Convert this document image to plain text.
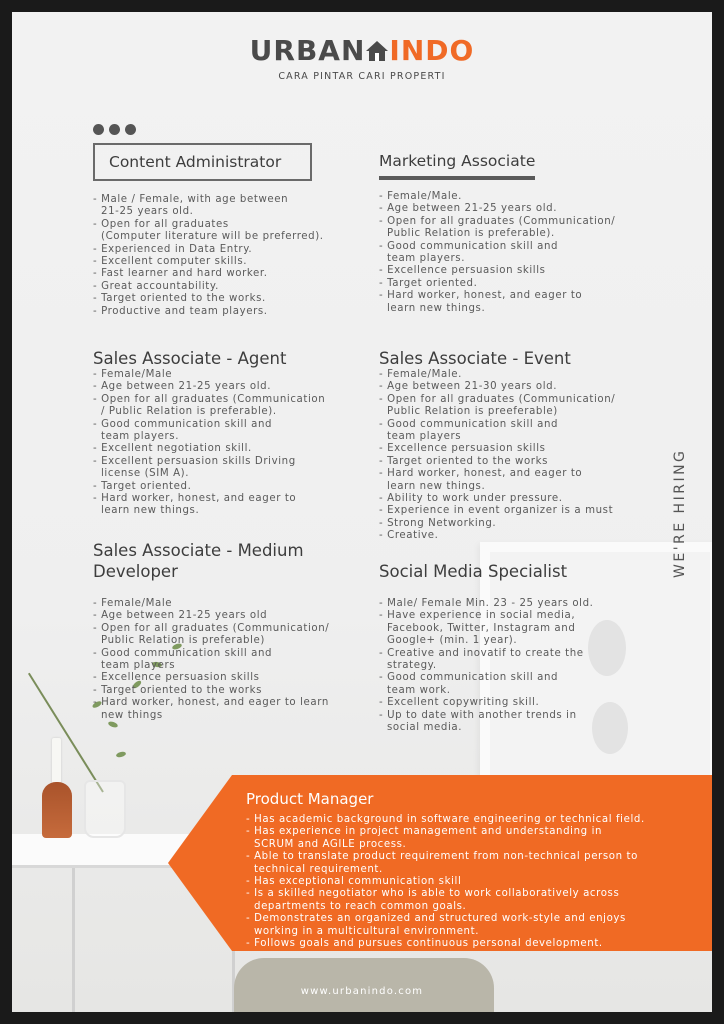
URBAN INDO
CARA PINTAR CARI PROPERTI
Content Administrator
- Male / Female, with age between
21-25 years old.
- Open for all graduates
(Computer literature will be preferred).
- Experienced in Data Entry.
- Excellent computer skills.
- Fast learner and hard worker.
- Great accountability.
- Target oriented to the works.
- Productive and team players.
Marketing Associate
- Female/Male.
- Age between 21-25 years old.
- Open for all graduates (Communication/
Public Relation is preferable).
- Good communication skill and
team players.
- Excellence persuasion skills
- Target oriented.
- Hard worker, honest, and eager to
learn new things.
Sales Associate - Agent
- Female/Male
- Age between 21-25 years old.
- Open for all graduates (Communication
/ Public Relation is preferable).
- Good communication skill and
team players.
- Excellent negotiation skill.
- Excellent persuasion skills Driving
license (SIM A).
- Target oriented.
- Hard worker, honest, and eager to
learn new things.
Sales Associate - Event
- Female/Male.
- Age between 21-30 years old.
- Open for all graduates (Communication/
Public Relation is preeferable)
- Good communication skill and
team players
- Excellence persuasion skills
- Target oriented to the works
- Hard worker, honest, and eager to
learn new things.
- Ability to work under pressure.
- Experience in event organizer is a must
- Strong Networking.
- Creative.
Sales Associate - Medium
Developer
- Female/Male
- Age between 21-25 years old
- Open for all graduates (Communication/
Public Relation is preferable)
- Good communication skill and
team players
- Excellence persuasion skills
- Target oriented to the works
- Hard worker, honest, and eager to learn
new things
Social Media Specialist
- Male/ Female Min. 23 - 25 years old.
- Have experience in social media,
Facebook, Twitter, Instagram and
Google+ (min. 1 year).
- Creative and inovatif to create the
strategy.
- Good communication skill and
team work.
- Excellent copywriting skill.
- Up to date with another trends in
social media.
WE'RE HIRING
Product Manager
- Has academic background in software engineering or technical field.
- Has experience in project management and understanding in
SCRUM and AGILE process.
- Able to translate product requirement from non-technical person to
technical requirement.
- Has exceptional communication skill
- Is a skilled negotiator who is able to work collaboratively across
departments to reach common goals.
- Demonstrates an organized and structured work-style and enjoys
working in a multicultural environment.
- Follows goals and pursues continuous personal development.
www.urbanindo.com
